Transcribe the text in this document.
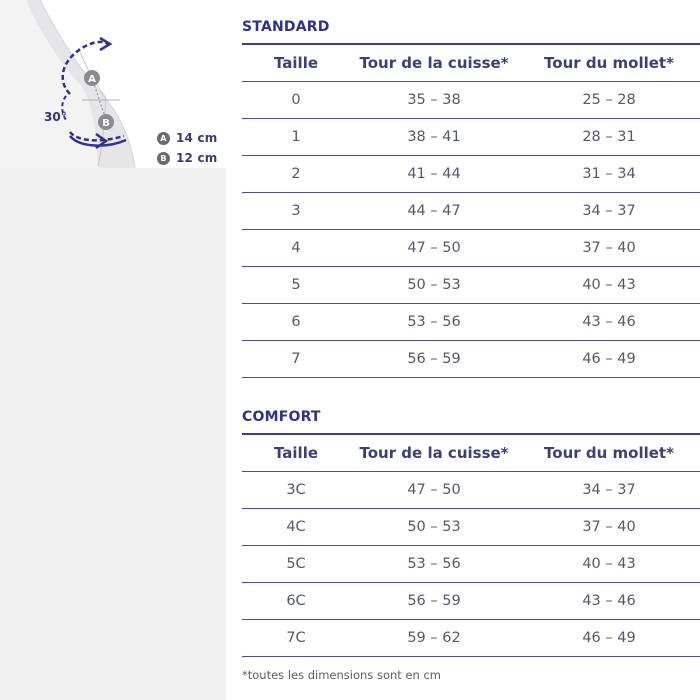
A
B
30°
A 14 cm
B 12 cm
STANDARD
Taille	Tour de la cuisse*	Tour du mollet*
0	35 – 38	25 – 28
1	38 – 41	28 – 31
2	41 – 44	31 – 34
3	44 – 47	34 – 37
4	47 – 50	37 – 40
5	50 – 53	40 – 43
6	53 – 56	43 – 46
7	56 – 59	46 – 49
COMFORT
Taille	Tour de la cuisse*	Tour du mollet*
3C	47 – 50	34 – 37
4C	50 – 53	37 – 40
5C	53 – 56	40 – 43
6C	56 – 59	43 – 46
7C	59 – 62	46 – 49
*toutes les dimensions sont en cm
